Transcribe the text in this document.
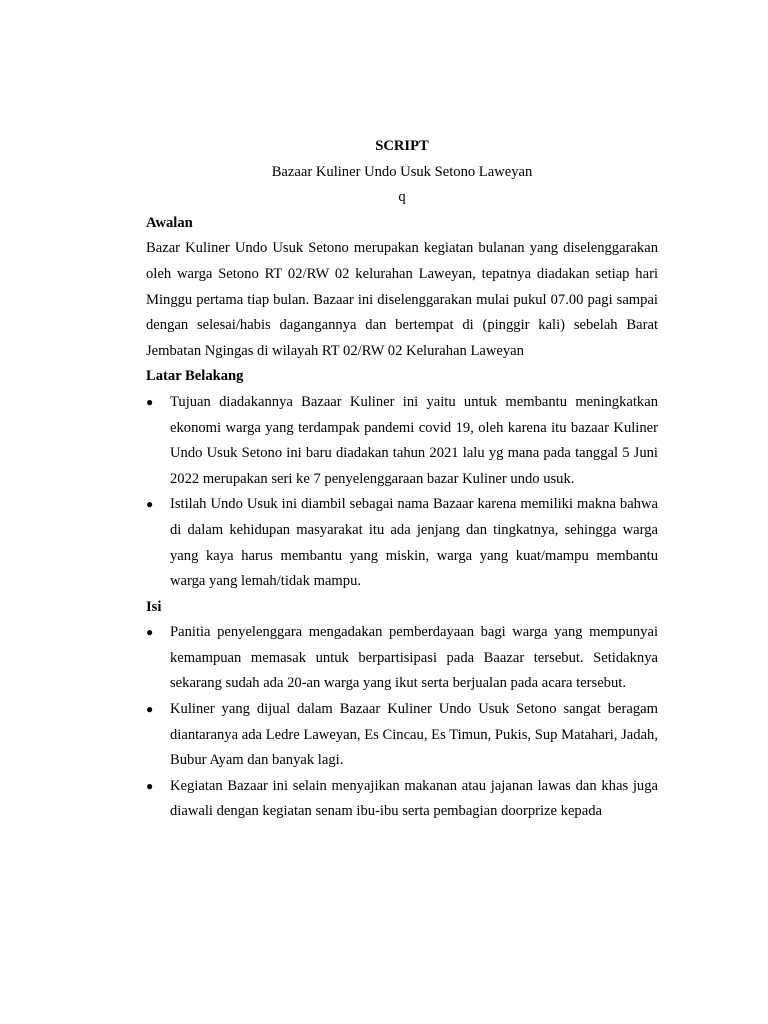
SCRIPT

Bazaar Kuliner Undo Usuk Setono Laweyan

q

Awalan

Bazar Kuliner Undo Usuk Setono merupakan kegiatan bulanan yang diselenggarakan oleh warga Setono RT 02/RW 02 kelurahan Laweyan, tepatnya diadakan setiap hari Minggu pertama tiap bulan. Bazaar ini diselenggarakan mulai pukul 07.00 pagi sampai dengan selesai/habis dagangannya dan bertempat di (pinggir kali) sebelah Barat Jembatan Ngingas di wilayah RT 02/RW 02 Kelurahan Laweyan

Latar Belakang

● Tujuan diadakannya Bazaar Kuliner ini yaitu untuk membantu meningkatkan ekonomi warga yang terdampak pandemi covid 19, oleh karena itu bazaar Kuliner Undo Usuk Setono ini baru diadakan tahun 2021 lalu yg mana pada tanggal 5 Juni 2022 merupakan seri ke 7 penyelenggaraan bazar Kuliner undo usuk.
● Istilah Undo Usuk ini diambil sebagai nama Bazaar karena memiliki makna bahwa di dalam kehidupan masyarakat itu ada jenjang dan tingkatnya, sehingga warga yang kaya harus membantu yang miskin, warga yang kuat/mampu membantu warga yang lemah/tidak mampu.

Isi

● Panitia penyelenggara mengadakan pemberdayaan bagi warga yang mempunyai kemampuan memasak untuk berpartisipasi pada Baazar tersebut. Setidaknya sekarang sudah ada 20-an warga yang ikut serta berjualan pada acara tersebut.
● Kuliner yang dijual dalam Bazaar Kuliner Undo Usuk Setono sangat beragam diantaranya ada Ledre Laweyan, Es Cincau, Es Timun, Pukis, Sup Matahari, Jadah, Bubur Ayam dan banyak lagi.
● Kegiatan Bazaar ini selain menyajikan makanan atau jajanan lawas dan khas juga diawali dengan kegiatan senam ibu-ibu serta pembagian doorprize kepada
